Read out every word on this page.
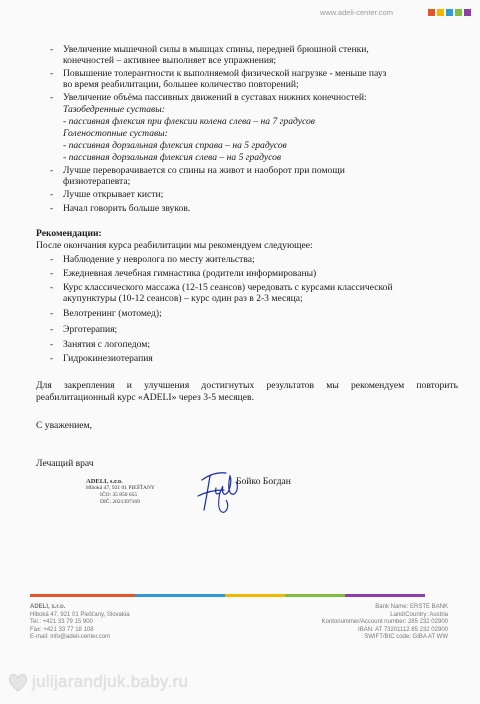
www.adeli-center.com
- Увеличение мышечной силы в мышцах спины, передней брюшной стенки,
конечностей – активнее выполняет все упражнения;
- Повышение толерантности к выполняемой физической нагрузке - меньше пауз
во время реабилитации, большее количество повторений;
- Увеличение объёма пассивных движений в суставах нижних конечностей:
Тазобедренные суставы:
- пассивная флексия при флексии колена слева – на 7 градусов
Голеностопные суставы:
- пассивная дорзальная флексия справа – на 5 градусов
- пассивная дорзальная флексия слева – на 5 градусов
- Лучше переворачивается со спины на живот и наоборот при помощи
физиотерапевта;
- Лучше открывает кисти;
- Начал говорить больше звуков.
Рекомендации:
После окончания курса реабилитации мы рекомендуем следующее:
- Наблюдение у невролога по месту жительства;
- Ежедневная лечебная гимнастика (родители информированы)
- Курс классического массажа (12-15 сеансов) чередовать с курсами классической
акупунктуры (10-12 сеансов) – курс один раз в 2-3 месяца;
- Велотренинг (мотомед);
- Эрготерапия;
- Занятия с логопедом;
- Гидрокинезиотерапия
Для закрепления и улучшения достигнутых результатов мы рекомендуем повторить
реабилитационный курс «ADELI» через 3-5 месяцев.
С уважением,
Лечащий врач
ADELI, s.r.o.
Hlboká 47, 921 01 PIEŠŤANY
IČO: 35 850 655
DIČ: 2021397169
Бойко Богдан
ADELI, s.r.o.
Hlboká 47, 921 01 Piešťany, Slovakia
Tel.: +421 33 79 15 900
Fax: +421 33 77 18 108
E-mail: info@adeli-center.com
Bank Name: ERSTE BANK
Land/Country: Austria
Kontonummer/Account number: 285 232 02900
IBAN: AT 73201112 85 232 02900
SWIFT/BIC code: GIBA AT WW
julijarandjuk.baby.ru
